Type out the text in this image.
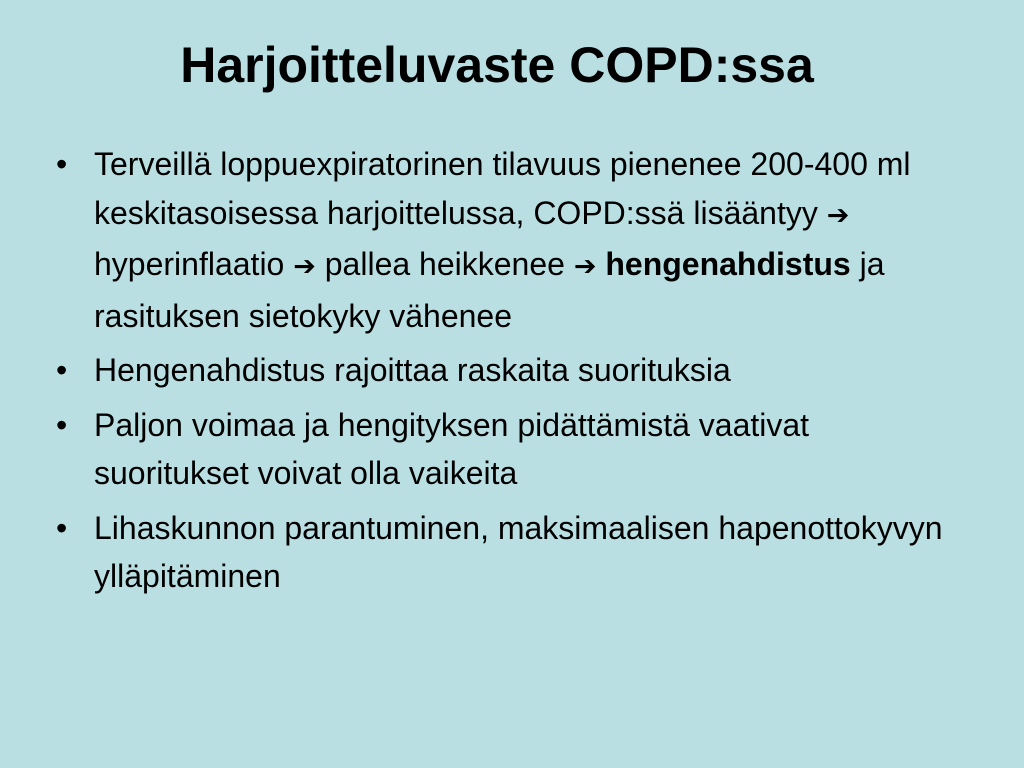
Harjoitteluvaste COPD:ssa
• Terveillä loppuexpiratorinen tilavuus pienenee 200-400 ml keskitasoisessa harjoittelussa, COPD:ssä lisääntyy ➔ hyperinflaatio ➔ pallea heikkenee ➔ hengenahdistus ja rasituksen sietokyky vähenee
• Hengenahdistus rajoittaa raskaita suorituksia
• Paljon voimaa ja hengityksen pidättämistä vaativat suoritukset voivat olla vaikeita
• Lihaskunnon parantuminen, maksimaalisen hapenottokyvyn ylläpitäminen
